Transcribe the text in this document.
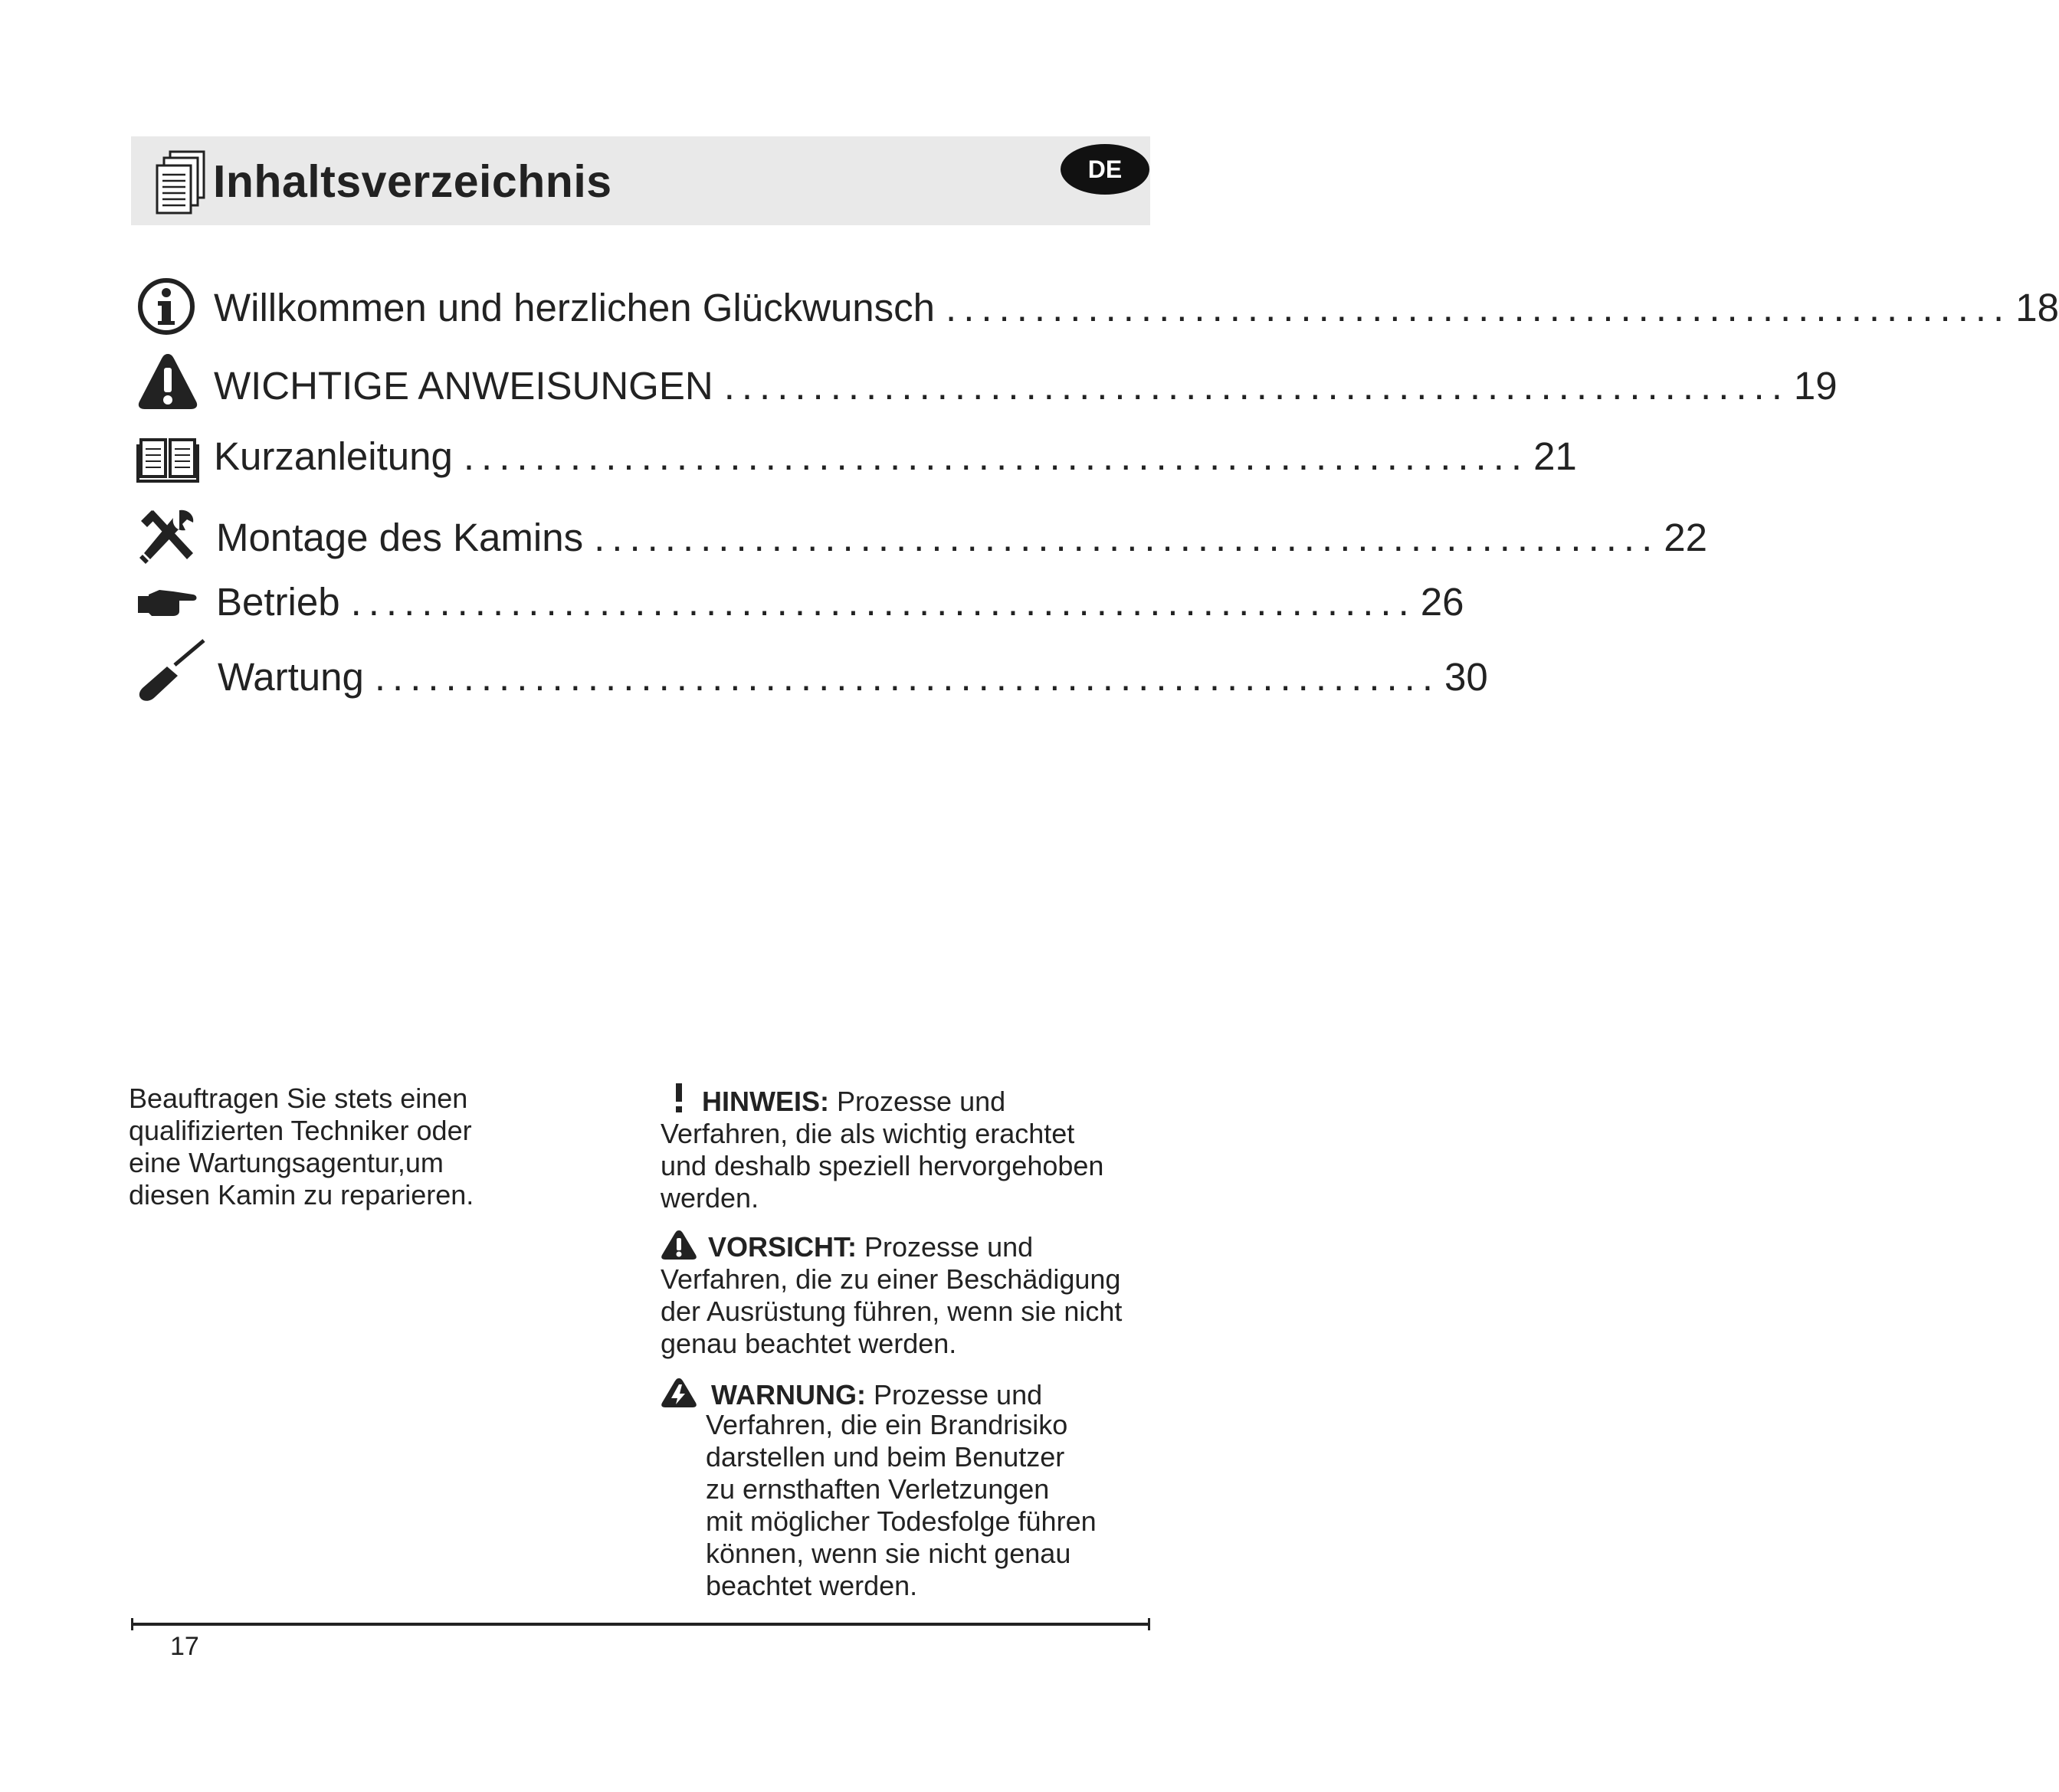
Inhaltsverzeichnis	DE
Willkommen und herzlichen Glückwunsch ............................................................ 18
WICHTIGE ANWEISUNGEN ............................................................ 19
Kurzanleitung ............................................................ 21
Montage des Kamins ............................................................ 22
Betrieb ............................................................ 26
Wartung ............................................................ 30
Beauftragen Sie stets einen
qualifizierten Techniker oder
eine Wartungsagentur,um
diesen Kamin zu reparieren.
HINWEIS: Prozesse und
Verfahren, die als wichtig erachtet
und deshalb speziell hervorgehoben
werden.
VORSICHT: Prozesse und
Verfahren, die zu einer Beschädigung
der Ausrüstung führen, wenn sie nicht
genau beachtet werden.
WARNUNG: Prozesse und
Verfahren, die ein Brandrisiko
darstellen und beim Benutzer
zu ernsthaften Verletzungen
mit möglicher Todesfolge führen
können, wenn sie nicht genau
beachtet werden.
17
